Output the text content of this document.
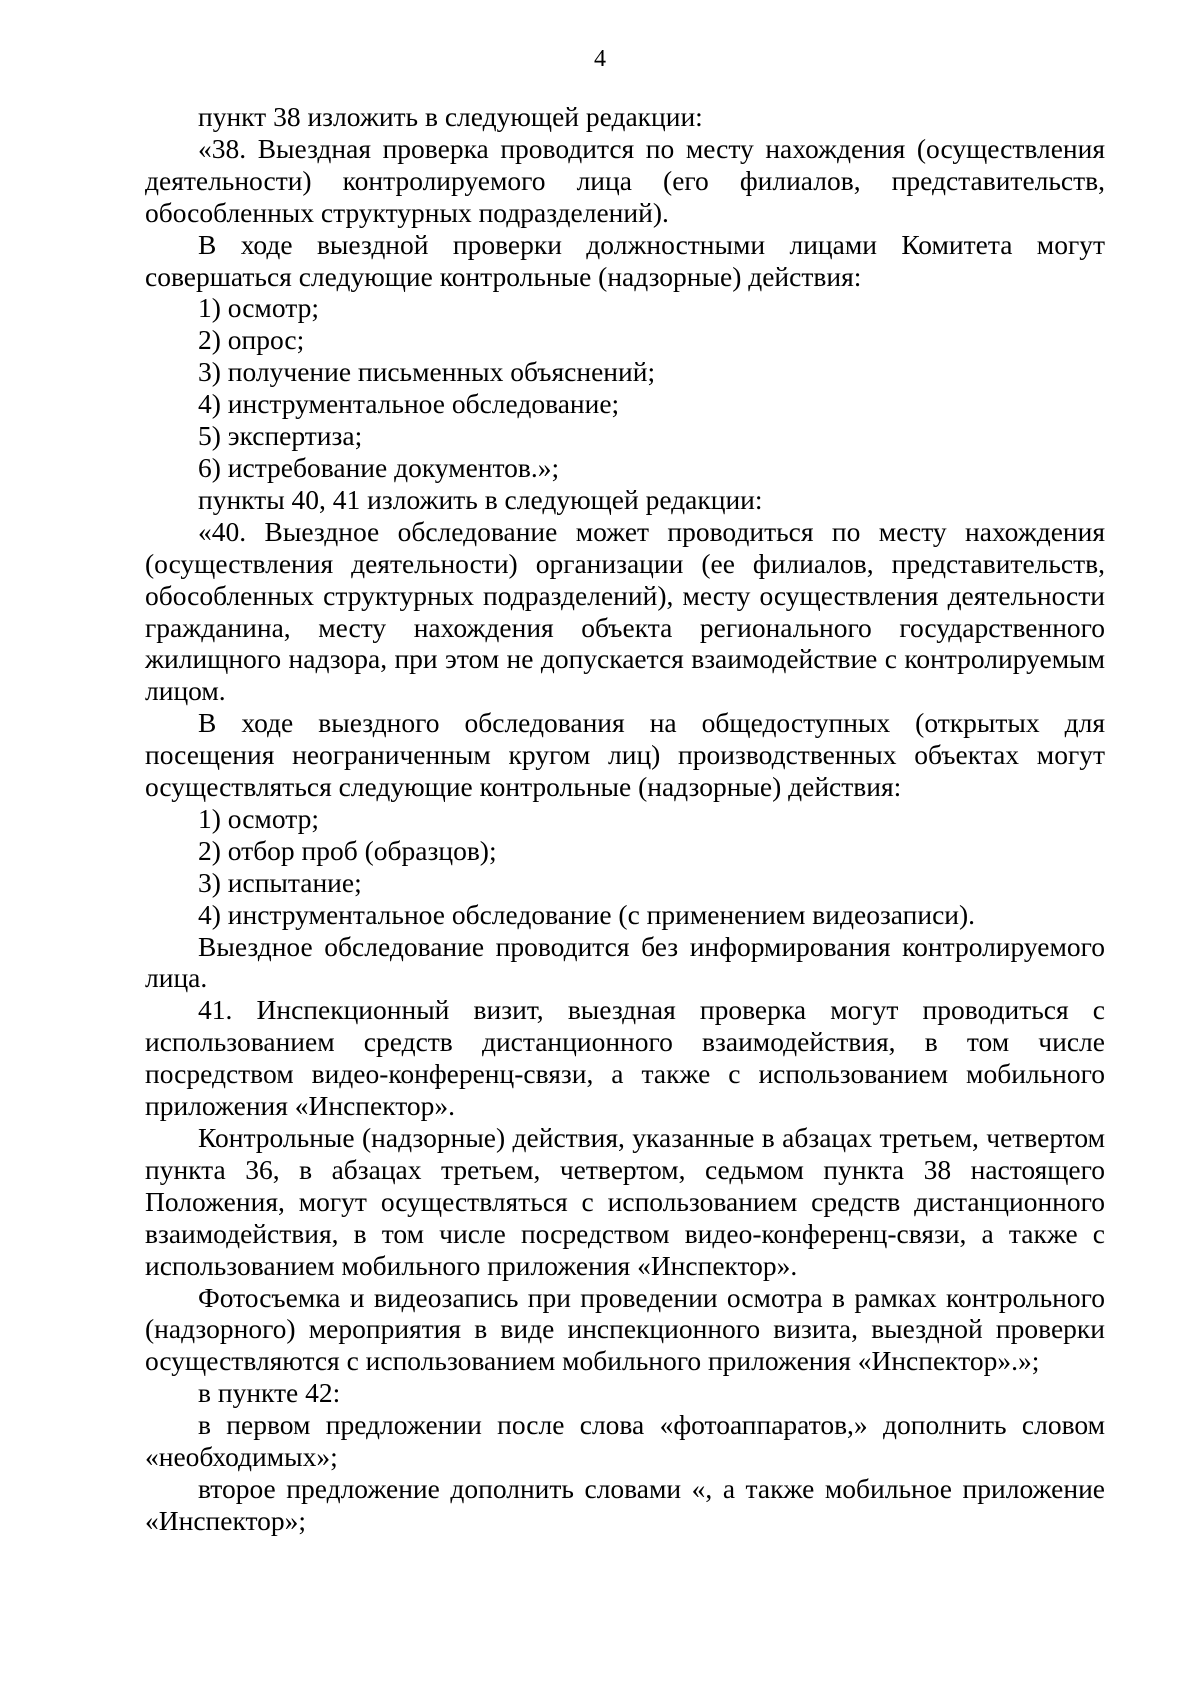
4

пункт 38 изложить в следующей редакции:

«38. Выездная проверка проводится по месту нахождения (осуществления деятельности) контролируемого лица (его филиалов, представительств, обособленных структурных подразделений).

В ходе выездной проверки должностными лицами Комитета могут совершаться следующие контрольные (надзорные) действия:

1) осмотр;

2) опрос;

3) получение письменных объяснений;

4) инструментальное обследование;

5) экспертиза;

6) истребование документов.»;

пункты 40, 41 изложить в следующей редакции:

«40. Выездное обследование может проводиться по месту нахождения (осуществления деятельности) организации (ее филиалов, представительств, обособленных структурных подразделений), месту осуществления деятельности гражданина, месту нахождения объекта регионального государственного жилищного надзора, при этом не допускается взаимодействие с контролируемым лицом.

В ходе выездного обследования на общедоступных (открытых для посещения неограниченным кругом лиц) производственных объектах могут осуществляться следующие контрольные (надзорные) действия:

1) осмотр;

2) отбор проб (образцов);

3) испытание;

4) инструментальное обследование (с применением видеозаписи).

Выездное обследование проводится без информирования контролируемого лица.

41. Инспекционный визит, выездная проверка могут проводиться с использованием средств дистанционного взаимодействия, в том числе посредством видео-конференц-связи, а также с использованием мобильного приложения «Инспектор».

Контрольные (надзорные) действия, указанные в абзацах третьем, четвертом пункта 36, в абзацах третьем, четвертом, седьмом пункта 38 настоящего Положения, могут осуществляться с использованием средств дистанционного взаимодействия, в том числе посредством видео-конференц-связи, а также с использованием мобильного приложения «Инспектор».

Фотосъемка и видеозапись при проведении осмотра в рамках контрольного (надзорного) мероприятия в виде инспекционного визита, выездной проверки осуществляются с использованием мобильного приложения «Инспектор».»;

в пункте 42:

в первом предложении после слова «фотоаппаратов,» дополнить словом «необходимых»;

второе предложение дополнить словами «, а также мобильное приложение «Инспектор»;
